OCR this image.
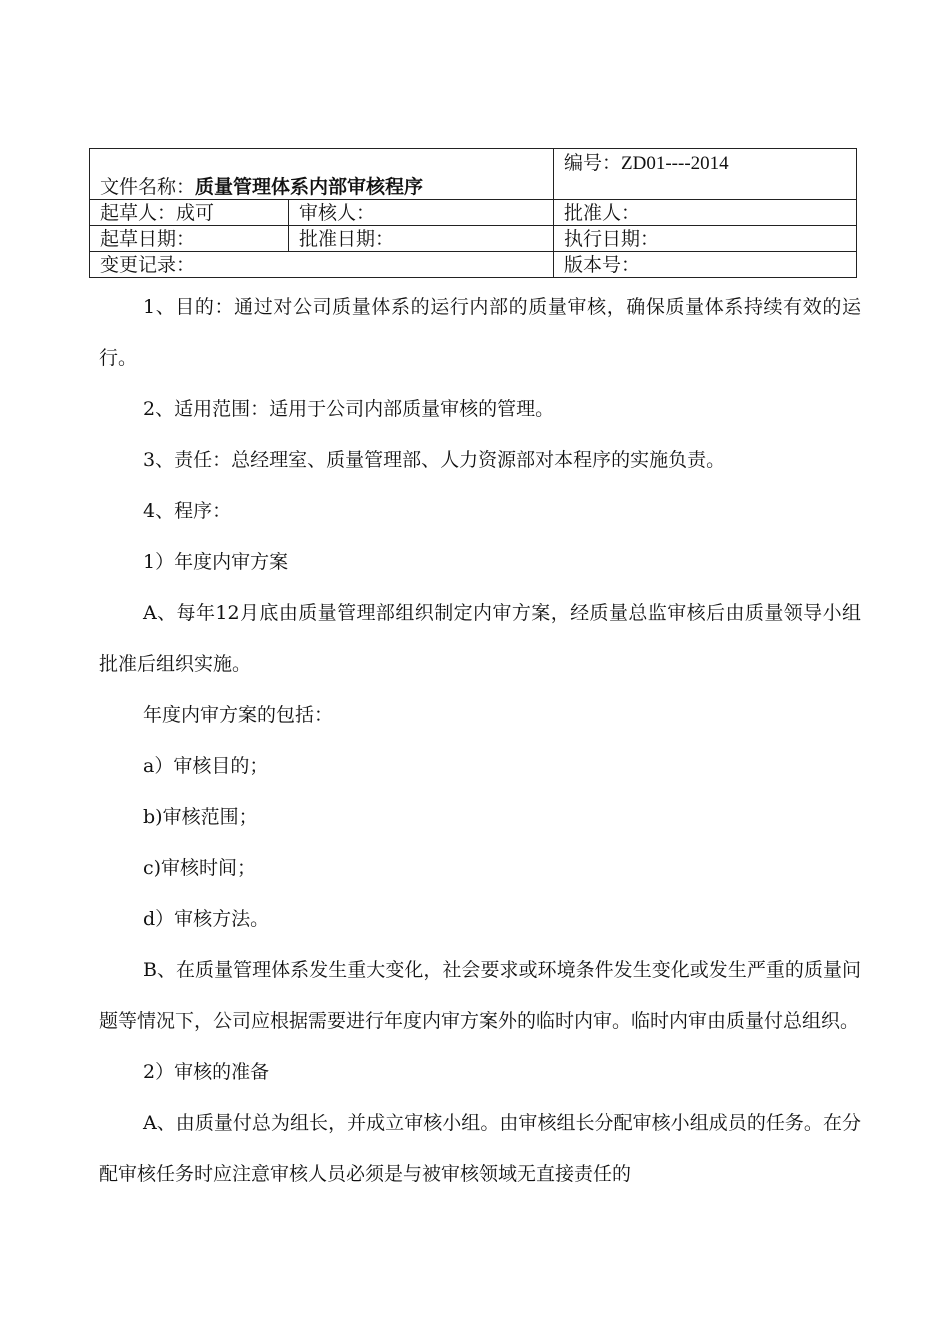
文件名称：质量管理体系内部审核程序		编号：ZD01----2014
起草人：成可	审核人：	批准人：
起草日期：	批准日期：	执行日期：
变更记录：		版本号：

1、目的：通过对公司质量体系的运行内部的质量审核，确保质量体系持续有效的运行。

2、适用范围：适用于公司内部质量审核的管理。

3、责任：总经理室、质量管理部、人力资源部对本程序的实施负责。

4、程序：

1）年度内审方案

A、每年12月底由质量管理部组织制定内审方案，经质量总监审核后由质量领导小组批准后组织实施。

年度内审方案的包括：

a）审核目的；

b)审核范围；

c)审核时间；

d）审核方法。

B、在质量管理体系发生重大变化，社会要求或环境条件发生变化或发生严重的质量问题等情况下，公司应根据需要进行年度内审方案外的临时内审。临时内审由质量付总组织。

2）审核的准备

A、由质量付总为组长，并成立审核小组。由审核组长分配审核小组成员的任务。在分配审核任务时应注意审核人员必须是与被审核领域无直接责任的
